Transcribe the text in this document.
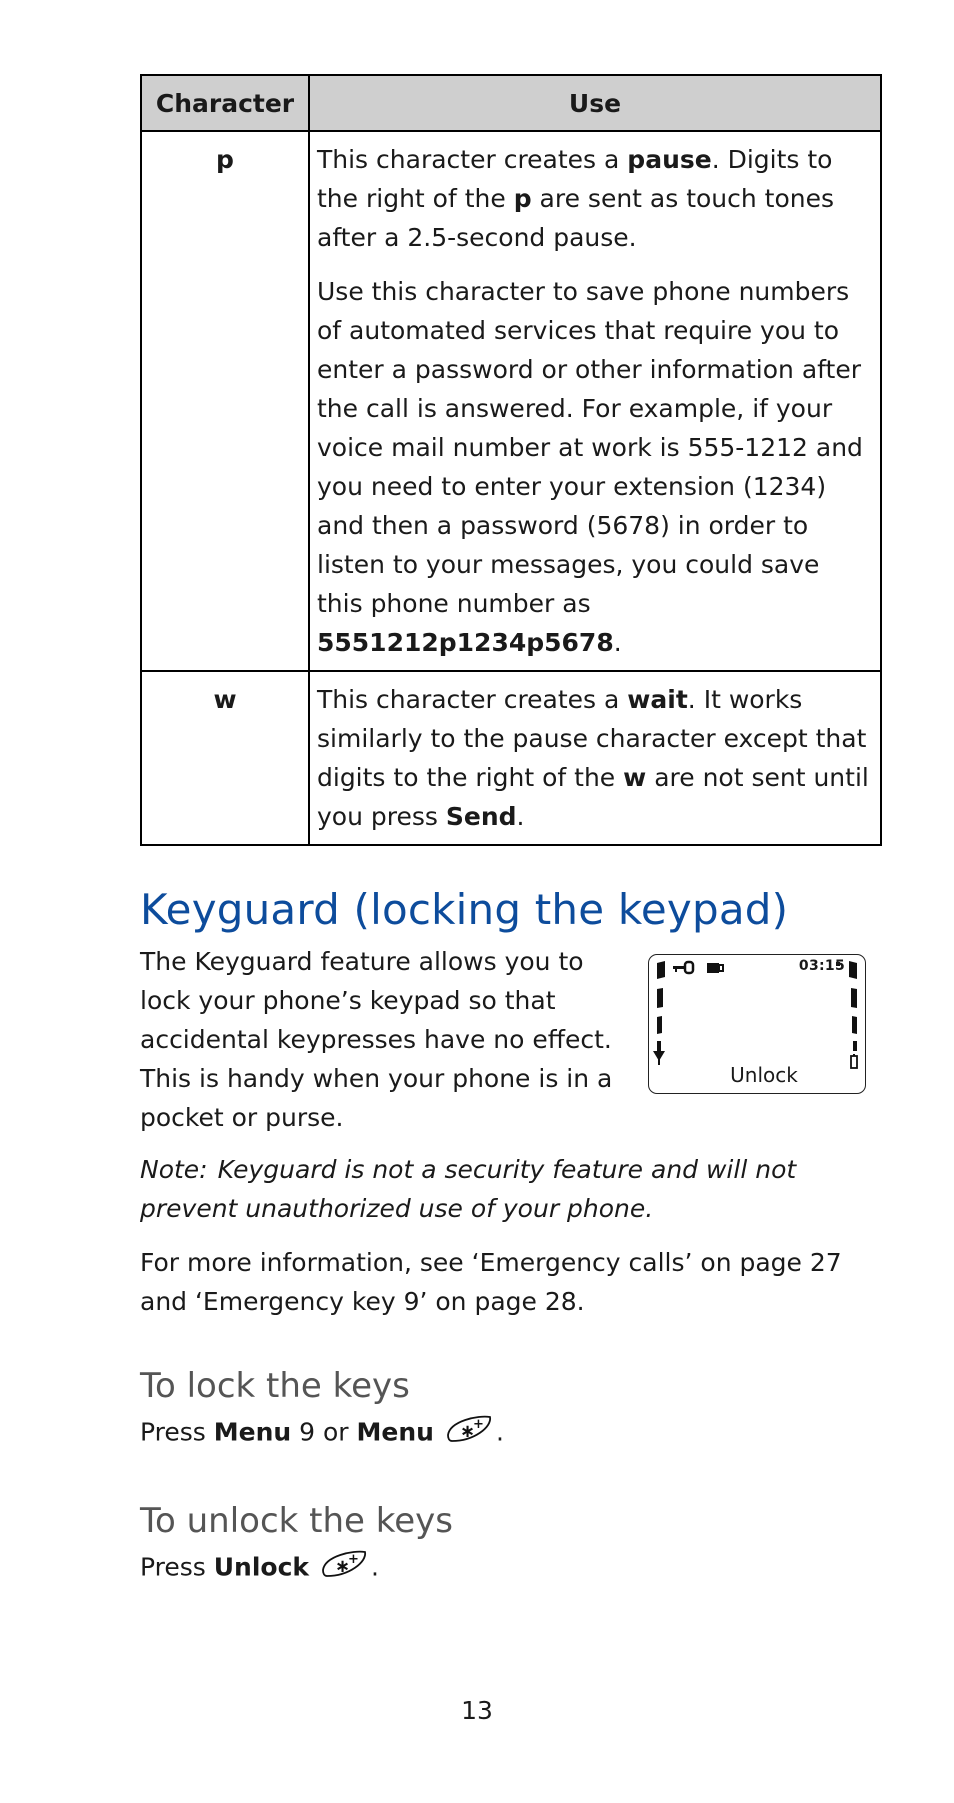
Character	Use
p	This character creates a pause. Digits to the right of the p are sent as touch tones after a 2.5-second pause.

Use this character to save phone numbers of automated services that require you to enter a password or other information after the call is answered. For example, if your voice mail number at work is 555-1212 and you need to enter your extension (1234) and then a password (5678) in order to listen to your messages, you could save this phone number as 5551212p1234p5678.

w	This character creates a wait. It works similarly to the pause character except that digits to the right of the w are not sent until you press Send.

Keyguard (locking the keypad)

The Keyguard feature allows you to lock your phone’s keypad so that accidental keypresses have no effect. This is handy when your phone is in a pocket or purse.

03:15
Unlock

Note: Keyguard is not a security feature and will not prevent unauthorized use of your phone.

For more information, see ‘Emergency calls’ on page 27 and ‘Emergency key 9’ on page 28.

To lock the keys

Press Menu 9 or Menu ∗
+ .

To unlock the keys

Press Unlock ∗
+ .

13
